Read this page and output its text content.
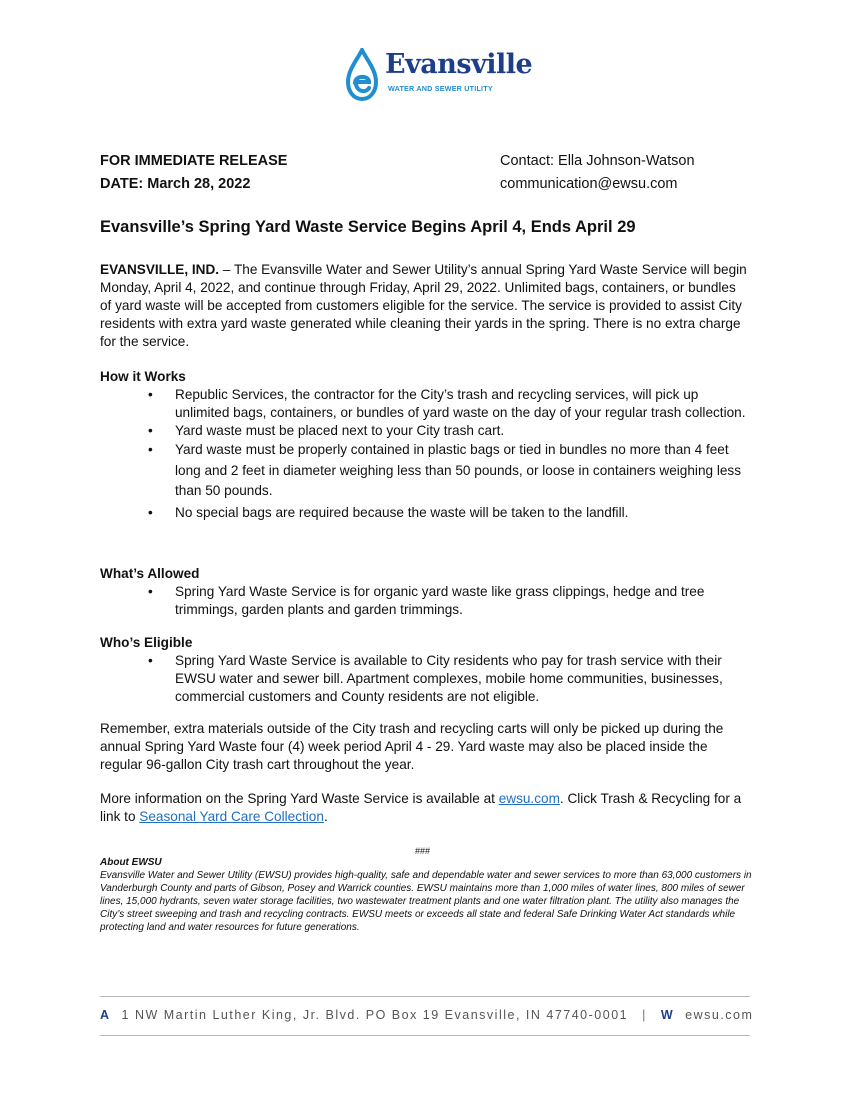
Evansville
WATER AND SEWER UTILITY
FOR IMMEDIATE RELEASE
DATE: March 28, 2022
Contact: Ella Johnson-Watson
communication@ewsu.com
Evansville’s Spring Yard Waste Service Begins April 4, Ends April 29
EVANSVILLE, IND. – The Evansville Water and Sewer Utility’s annual Spring Yard Waste Service will begin Monday, April 4, 2022, and continue through Friday, April 29, 2022. Unlimited bags, containers, or bundles of yard waste will be accepted from customers eligible for the service. The service is provided to assist City residents with extra yard waste generated while cleaning their yards in the spring. There is no extra charge for the service.
How it Works
• Republic Services, the contractor for the City’s trash and recycling services, will pick up unlimited bags, containers, or bundles of yard waste on the day of your regular trash collection.
• Yard waste must be placed next to your City trash cart.
• Yard waste must be properly contained in plastic bags or tied in bundles no more than 4 feet long and 2 feet in diameter weighing less than 50 pounds, or loose in containers weighing less than 50 pounds.
• No special bags are required because the waste will be taken to the landfill.
What’s Allowed
• Spring Yard Waste Service is for organic yard waste like grass clippings, hedge and tree trimmings, garden plants and garden trimmings.
Who’s Eligible
• Spring Yard Waste Service is available to City residents who pay for trash service with their EWSU water and sewer bill. Apartment complexes, mobile home communities, businesses, commercial customers and County residents are not eligible.
Remember, extra materials outside of the City trash and recycling carts will only be picked up during the annual Spring Yard Waste four (4) week period April 4 - 29. Yard waste may also be placed inside the regular 96-gallon City trash cart throughout the year.
More information on the Spring Yard Waste Service is available at ewsu.com. Click Trash & Recycling for a link to Seasonal Yard Care Collection.
###
About EWSU
Evansville Water and Sewer Utility (EWSU) provides high-quality, safe and dependable water and sewer services to more than 63,000 customers in Vanderburgh County and parts of Gibson, Posey and Warrick counties. EWSU maintains more than 1,000 miles of water lines, 800 miles of sewer lines, 15,000 hydrants, seven water storage facilities, two wastewater treatment plants and one water filtration plant. The utility also manages the City’s street sweeping and trash and recycling contracts. EWSU meets or exceeds all state and federal Safe Drinking Water Act standards while protecting land and water resources for future generations.
A 1 NW Martin Luther King, Jr. Blvd. PO Box 19 Evansville, IN 47740-0001 | W ewsu.com
